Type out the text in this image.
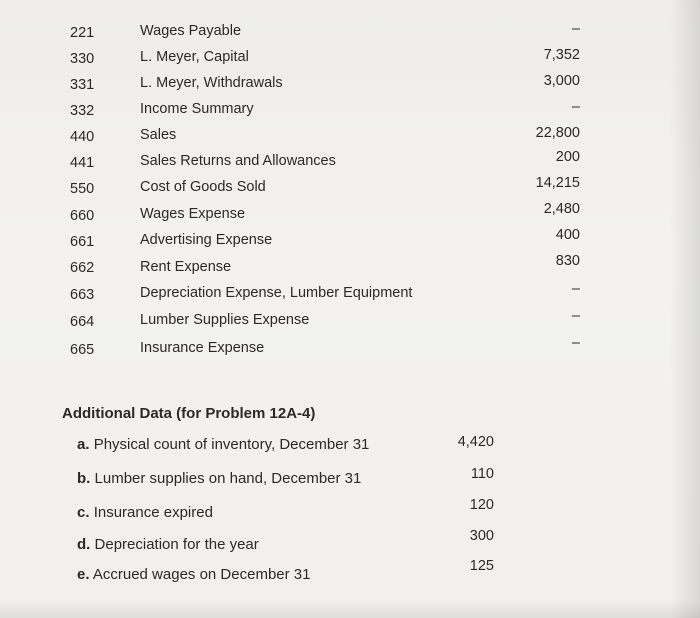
221	Wages Payable	–
330	L. Meyer, Capital	7,352
331	L. Meyer, Withdrawals	3,000
332	Income Summary	–
440	Sales	22,800
441	Sales Returns and Allowances	200
550	Cost of Goods Sold	14,215
660	Wages Expense	2,480
661	Advertising Expense	400
662	Rent Expense	830
663	Depreciation Expense, Lumber Equipment	–
664	Lumber Supplies Expense	–
665	Insurance Expense	–
Additional Data (for Problem 12A-4)
a. Physical count of inventory, December 31	4,420
b. Lumber supplies on hand, December 31	110
c. Insurance expired	120
d. Depreciation for the year	300
e. Accrued wages on December 31	125
